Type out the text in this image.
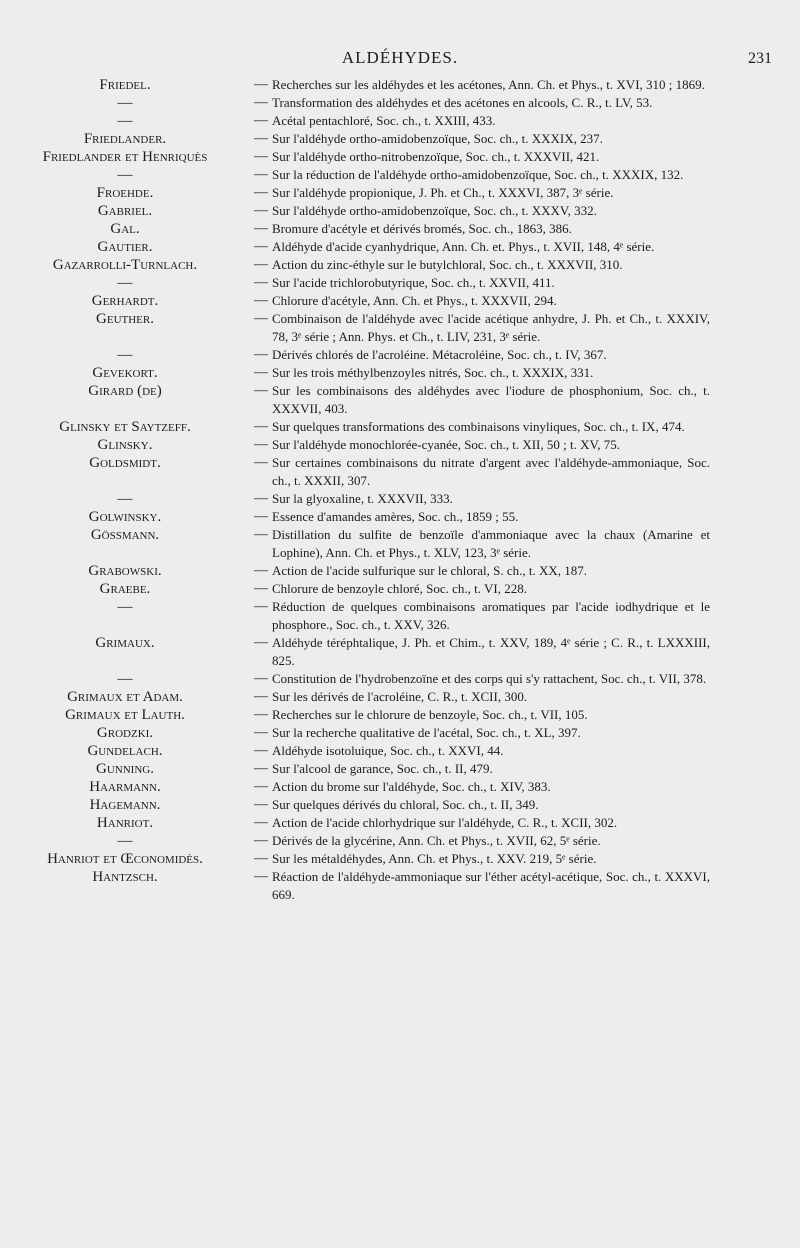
ALDÉHYDES.	231
Friedel.	— Recherches sur les aldéhydes et les acétones, Ann. Ch. et Phys., t. XVI, 310 ; 1869.
—	— Transformation des aldéhydes et des acétones en alcools, C. R., t. LV, 53.
—	— Acétal pentachloré, Soc. ch., t. XXIII, 433.
Friedlander.	— Sur l'aldéhyde ortho-amidobenzoïque, Soc. ch., t. XXXIX, 237.
Friedlander et Henriquès	— Sur l'aldéhyde ortho-nitrobenzoïque, Soc. ch., t. XXXVII, 421.
—	— Sur la réduction de l'aldéhyde ortho-amidobenzoïque, Soc. ch., t. XXXIX, 132.
Froehde.	— Sur l'aldéhyde propionique, J. Ph. et Ch., t. XXXVI, 387, 3ᵉ série.
Gabriel.	— Sur l'aldéhyde ortho-amidobenzoïque, Soc. ch., t. XXXV, 332.
Gal.	— Bromure d'acétyle et dérivés bromés, Soc. ch., 1863, 386.
Gautier.	— Aldéhyde d'acide cyanhydrique, Ann. Ch. et. Phys., t. XVII, 148, 4ᵉ série.
Gazarrolli-Turnlach.	— Action du zinc-éthyle sur le butylchloral, Soc. ch., t. XXXVII, 310.
—	— Sur l'acide trichlorobutyrique, Soc. ch., t. XXVII, 411.
Gerhardt.	— Chlorure d'acétyle, Ann. Ch. et Phys., t. XXXVII, 294.
Geuther.	— Combinaison de l'aldéhyde avec l'acide acétique anhydre, J. Ph. et Ch., t. XXXIV, 78, 3ᵉ série ; Ann. Phys. et Ch., t. LIV, 231, 3ᵉ série.
—	— Dérivés chlorés de l'acroléine. Métacroléine, Soc. ch., t. IV, 367.
Gevekort.	— Sur les trois méthylbenzoyles nitrés, Soc. ch., t. XXXIX, 331.
Girard (de)	— Sur les combinaisons des aldéhydes avec l'iodure de phosphonium, Soc. ch., t. XXXVII, 403.
Glinsky et Saytzeff.	— Sur quelques transformations des combinaisons vinyliques, Soc. ch., t. IX, 474.
Glinsky.	— Sur l'aldéhyde monochlorée-cyanée, Soc. ch., t. XII, 50 ; t. XV, 75.
Goldsmidt.	— Sur certaines combinaisons du nitrate d'argent avec l'aldéhyde-ammoniaque, Soc. ch., t. XXXII, 307.
—	— Sur la glyoxaline, t. XXXVII, 333.
Golwinsky.	— Essence d'amandes amères, Soc. ch., 1859 ; 55.
Gössmann.	— Distillation du sulfite de benzoïle d'ammoniaque avec la chaux (Amarine et Lophine), Ann. Ch. et Phys., t. XLV, 123, 3ᵉ série.
Grabowski.	— Action de l'acide sulfurique sur le chloral, S. ch., t. XX, 187.
Graebe.	— Chlorure de benzoyle chloré, Soc. ch., t. VI, 228.
—	— Réduction de quelques combinaisons aromatiques par l'acide iodhydrique et le phosphore., Soc. ch., t. XXV, 326.
Grimaux.	— Aldéhyde téréphtalique, J. Ph. et Chim., t. XXV, 189, 4ᵉ série ; C. R., t. LXXXIII, 825.
—	— Constitution de l'hydrobenzoïne et des corps qui s'y rattachent, Soc. ch., t. VII, 378.
Grimaux et Adam.	— Sur les dérivés de l'acroléine, C. R., t. XCII, 300.
Grimaux et Lauth.	— Recherches sur le chlorure de benzoyle, Soc. ch., t. VII, 105.
Grodzki.	— Sur la recherche qualitative de l'acétal, Soc. ch., t. XL, 397.
Gundelach.	— Aldéhyde isotoluique, Soc. ch., t. XXVI, 44.
Gunning.	— Sur l'alcool de garance, Soc. ch., t. II, 479.
Haarmann.	— Action du brome sur l'aldéhyde, Soc. ch., t. XIV, 383.
Hagemann.	— Sur quelques dérivés du chloral, Soc. ch., t. II, 349.
Hanriot.	— Action de l'acide chlorhydrique sur l'aldéhyde, C. R., t. XCII, 302.
—	— Dérivés de la glycérine, Ann. Ch. et Phys., t. XVII, 62, 5ᵉ série.
Hanriot et Œconomidès.	— Sur les métaldéhydes, Ann. Ch. et Phys., t. XXV. 219, 5ᵉ série.
Hantzsch.	— Réaction de l'aldéhyde-ammoniaque sur l'éther acétyl-acétique, Soc. ch., t. XXXVI, 669.
